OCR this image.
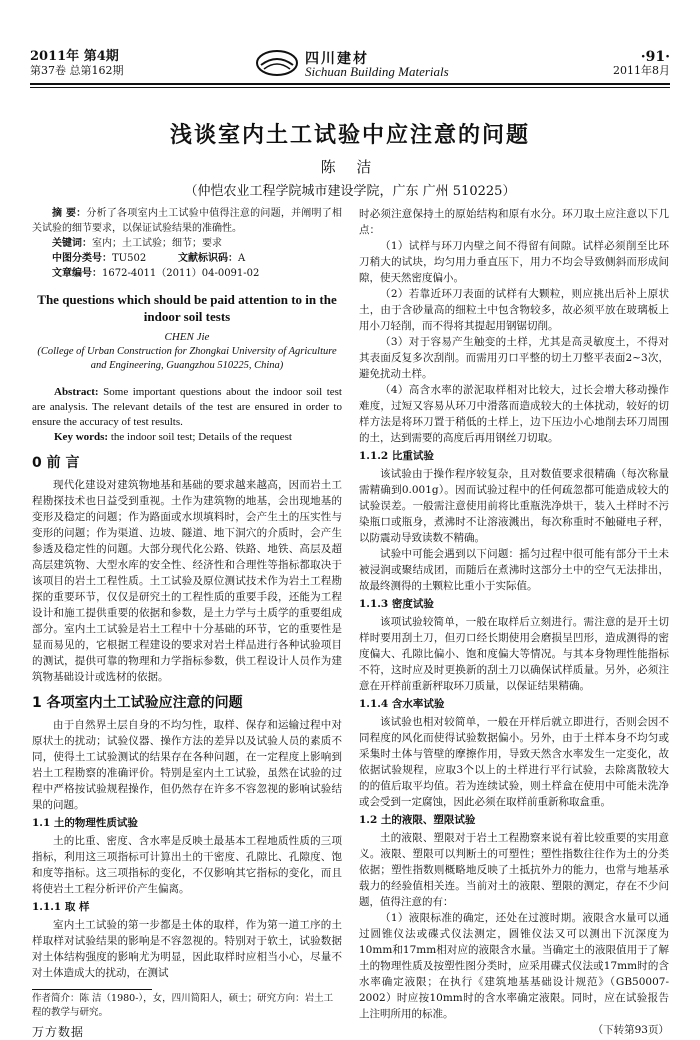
2011年 第4期
第37卷 总第162期
四川建材
Sichuan Building Materials
·91·
2011年8月
浅谈室内土工试验中应注意的问题
陈 洁
（仲恺农业工程学院城市建设学院，广东 广州 510225）

摘 要：分析了各项室内土工试验中值得注意的问题，并阐明了相关试验的细节要求，以保证试验结果的准确性。

关键词：室内；土工试验；细节；要求

中图分类号：TU502	文献标识码：A

文章编号：1672-4011（2011）04-0091-02

The questions which should be paid attention to in the indoor soil tests
CHEN Jie
(College of Urban Construction for Zhongkai University of Agriculture and Engineering, Guangzhou 510225, China)

Abstract: Some important questions about the indoor soil test are analysis. The relevant details of the test are ensured in order to ensure the accuracy of test results.

Key words: the indoor soil test; Details of the request

0 前 言

现代化建设对建筑物地基和基础的要求越来越高，因而岩土工程勘探技术也日益受到重视。土作为建筑物的地基，会出现地基的变形及稳定的问题；作为路面或水坝填料时，会产生土的压实性与变形的问题；作为渠道、边坡、隧道、地下洞穴的介质时，会产生参透及稳定性的问题。大部分现代化公路、铁路、地铁、高层及超高层建筑物、大型水库的安全性、经济性和合理性等指标都取决于该项目的岩土工程性质。土工试验及原位测试技术作为岩土工程勘探的重要环节，仅仅是研究土的工程性质的重要手段，还能为工程设计和施工提供重要的依据和参数，是土力学与土质学的重要组成部分。室内土工试验是岩土工程中十分基础的环节，它的重要性是显而易见的，它根据工程建设的要求对岩土样品进行各种试验项目的测试，提供可靠的物理和力学指标参数，供工程设计人员作为建筑物基础设计或选材的依据。

1 各项室内土工试验应注意的问题

由于自然界土层自身的不均匀性，取样、保存和运输过程中对原状土的扰动；试验仪器、操作方法的差异以及试验人员的素质不同，使得土工试验测试的结果存在各种问题，在一定程度上影响到岩土工程勘察的准确评价。特别是室内土工试验，虽然在试验的过程中严格按试验规程操作，但仍然存在许多不容忽视的影响试验结果的问题。

1.1 土的物理性质试验

土的比重、密度、含水率是反映土最基本工程地质性质的三项指标，利用这三项指标可计算出土的干密度、孔隙比、孔隙度、饱和度等指标。这三项指标的变化，不仅影响其它指标的变化，而且将使岩土工程分析评价产生偏离。

1.1.1 取 样

室内土工试验的第一步都是土体的取样，作为第一道工序的土样取样对试验结果的影响是不容忽视的。特别对于软土，试验数据对土体结构强度的影响尤为明显，因此取样时应相当小心，尽量不对土体造成大的扰动，在测试

作者简介：陈 洁（1980-），女，四川简阳人，硕士；研究方向：岩土工程的教学与研究。
万方数据

时必须注意保持土的原始结构和原有水分。环刀取土应注意以下几点：

（1）试样与环刀内壁之间不得留有间隙。试样必须削至比环刀稍大的试块，均匀用力垂直压下，用力不均会导致侧斜而形成间隙，使天然密度偏小。

（2）若靠近环刀表面的试样有大颗粒，则应挑出后补上原状土，由于含砂量高的细粒土中包含物较多，故必须平放在玻璃板上用小刀轻削，而不得将其提起用钢锯切削。

（3）对于容易产生触变的土样，尤其是高灵敏度土，不得对其表面反复多次刮削。而需用刃口平整的切土刀整平表面2~3次，避免扰动土样。

（4）高含水率的淤泥取样相对比较大，过长会增大移动操作难度，过短又容易从环刀中滑落而造成较大的土体扰动，较好的切样方法是将环刀置于稍低的土样上，边下压边小心地削去环刀周围的土，达到需要的高度后再用钢丝刀切取。

1.1.2 比重试验

该试验由于操作程序较复杂，且对数值要求很精确（每次称量需精确到0.001g）。因而试验过程中的任何疏忽都可能造成较大的试验误差。一般需注意使用前将比重瓶洗净烘干，装入土样时不污染瓶口或瓶身，煮沸时不让溶液溅出，每次称重时不触碰电子秤，以防震动导致读数不精确。

试验中可能会遇到以下问题：摇匀过程中很可能有部分干土未被浸润或聚结成团，而随后在煮沸时这部分土中的空气无法排出，故最终测得的土颗粒比重小于实际值。

1.1.3 密度试验

该项试验较简单，一般在取样后立刻进行。需注意的是开土切样时要用刮土刀，但刃口经长期使用会磨损呈凹形，造成测得的密度偏大、孔隙比偏小、饱和度偏大等情况。与其本身物理性能指标不符，这时应及时更换新的刮土刀以确保试样质量。另外，必须注意在开样前重新秤取环刀质量，以保证结果精确。

1.1.4 含水率试验

该试验也相对较简单，一般在开样后就立即进行，否则会因不同程度的风化而使得试验数据偏小。另外，由于土样本身不均匀或采集时土体与管壁的摩擦作用，导致天然含水率发生一定变化，故依据试验规程，应取3个以上的土样进行平行试验，去除离散较大的的值后取平均值。若为连续试验，则土样盒在使用中可能未洗净或会受到一定腐蚀，因此必须在取样前重新称取盒重。

1.2 土的液限、塑限试验

土的液限、塑限对于岩土工程勘察来说有着比较重要的实用意义。液限、塑限可以判断土的可塑性；塑性指数往往作为土的分类依据；塑性指数则概略地反映了土抵抗外力的能力，也常与地基承载力的经验值相关连。当前对土的液限、塑限的测定，存在不少问题，值得注意的有：

（1）液限标准的确定，还处在过渡时期。液限含水量可以通过圆锥仪法或碟式仪法测定，圆锥仪法又可以测出下沉深度为10mm和17mm相对应的液限含水量。当确定土的液限值用于了解土的物理性质及按塑性图分类时，应采用碟式仪法或17mm时的含水率确定液限；在执行《建筑地基基础设计规范》（GB50007-2002）时应按10mm时的含水率确定液限。同时，应在试验报告上注明所用的标准。

（下转第93页）
